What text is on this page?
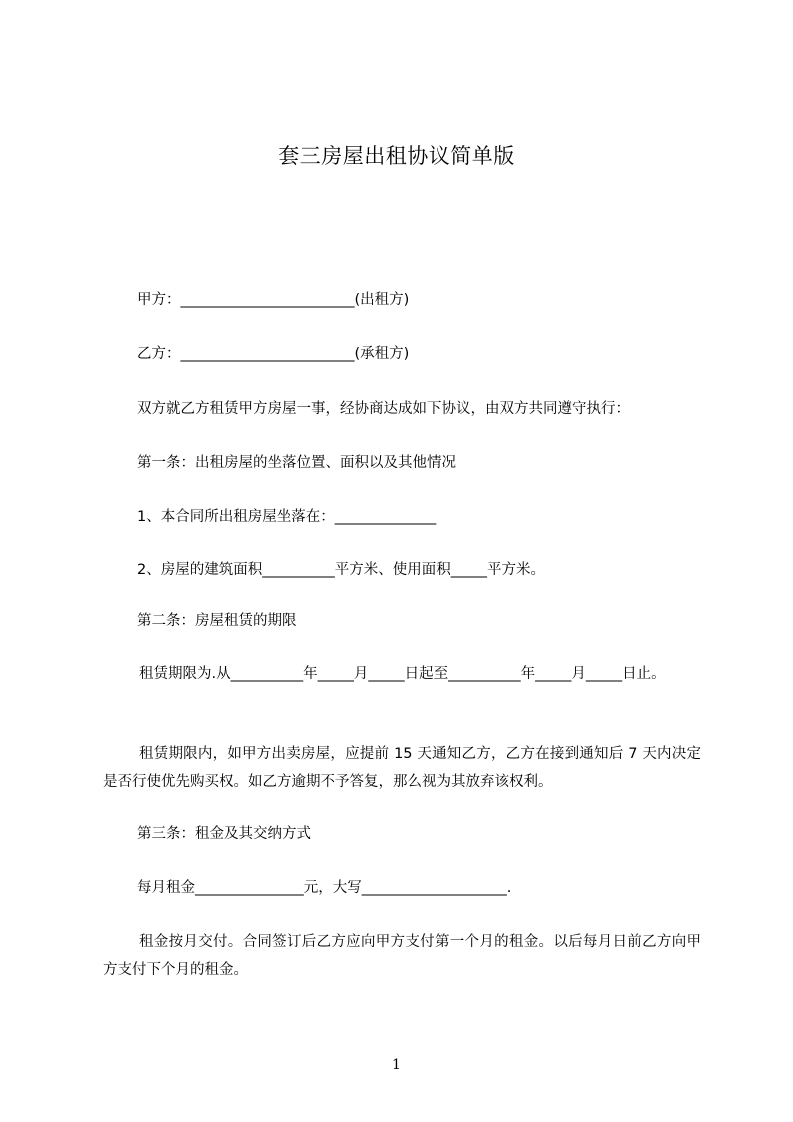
套三房屋出租协议简单版
甲方：________________________(出租方)
乙方：________________________(承租方)
双方就乙方租赁甲方房屋一事，经协商达成如下协议，由双方共同遵守执行：
第一条：出租房屋的坐落位置、面积以及其他情况
1、本合同所出租房屋坐落在：______________
2、房屋的建筑面积__________平方米、使用面积_____平方米。
第二条：房屋租赁的期限
租赁期限为.从__________年_____月_____日起至__________年_____月_____日止。
租赁期限内，如甲方出卖房屋，应提前 15 天通知乙方，乙方在接到通知后 7 天内决定是否行使优先购买权。如乙方逾期不予答复，那么视为其放弃该权利。
第三条：租金及其交纳方式
每月租金_______________元，大写____________________.
租金按月交付。合同签订后乙方应向甲方支付第一个月的租金。以后每月日前乙方向甲方支付下个月的租金。
1
